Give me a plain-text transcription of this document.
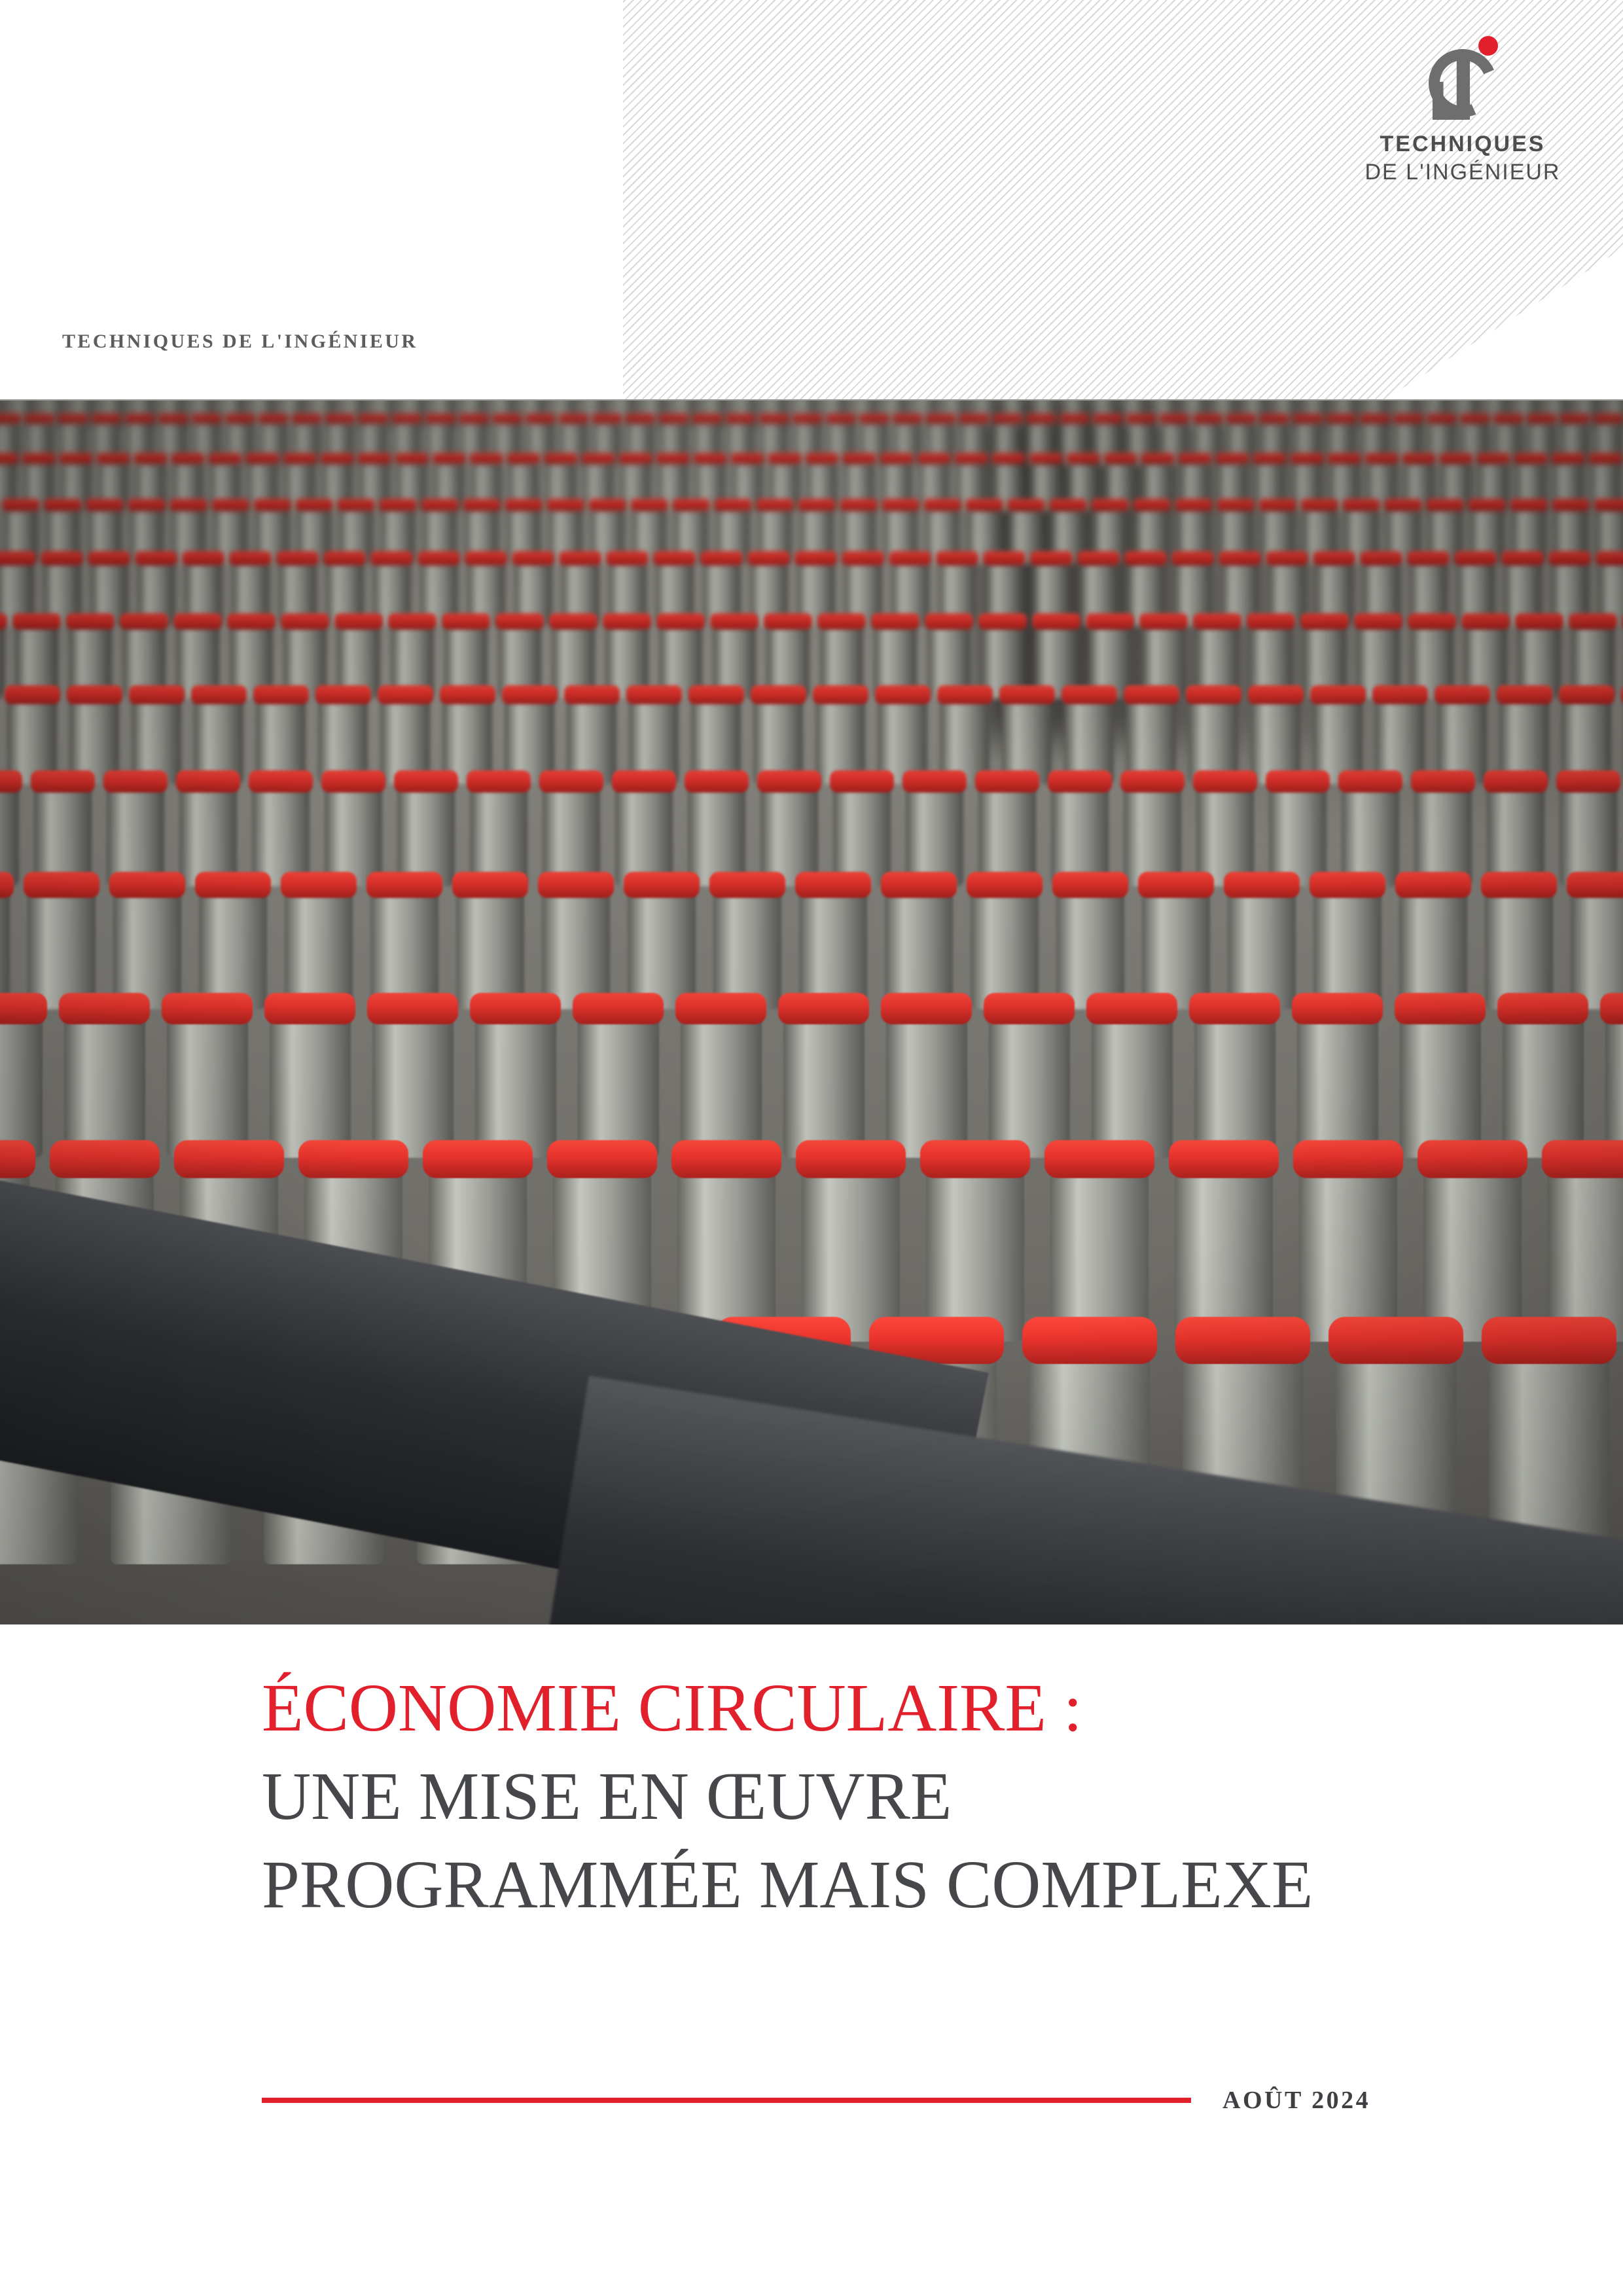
TECHNIQUES DE L'INGÉNIEUR
TECHNIQUES
DE L'INGÉNIEUR
ÉCONOMIE CIRCULAIRE :
UNE MISE EN ŒUVRE
PROGRAMMÉE MAIS COMPLEXE
AOÛT 2024
